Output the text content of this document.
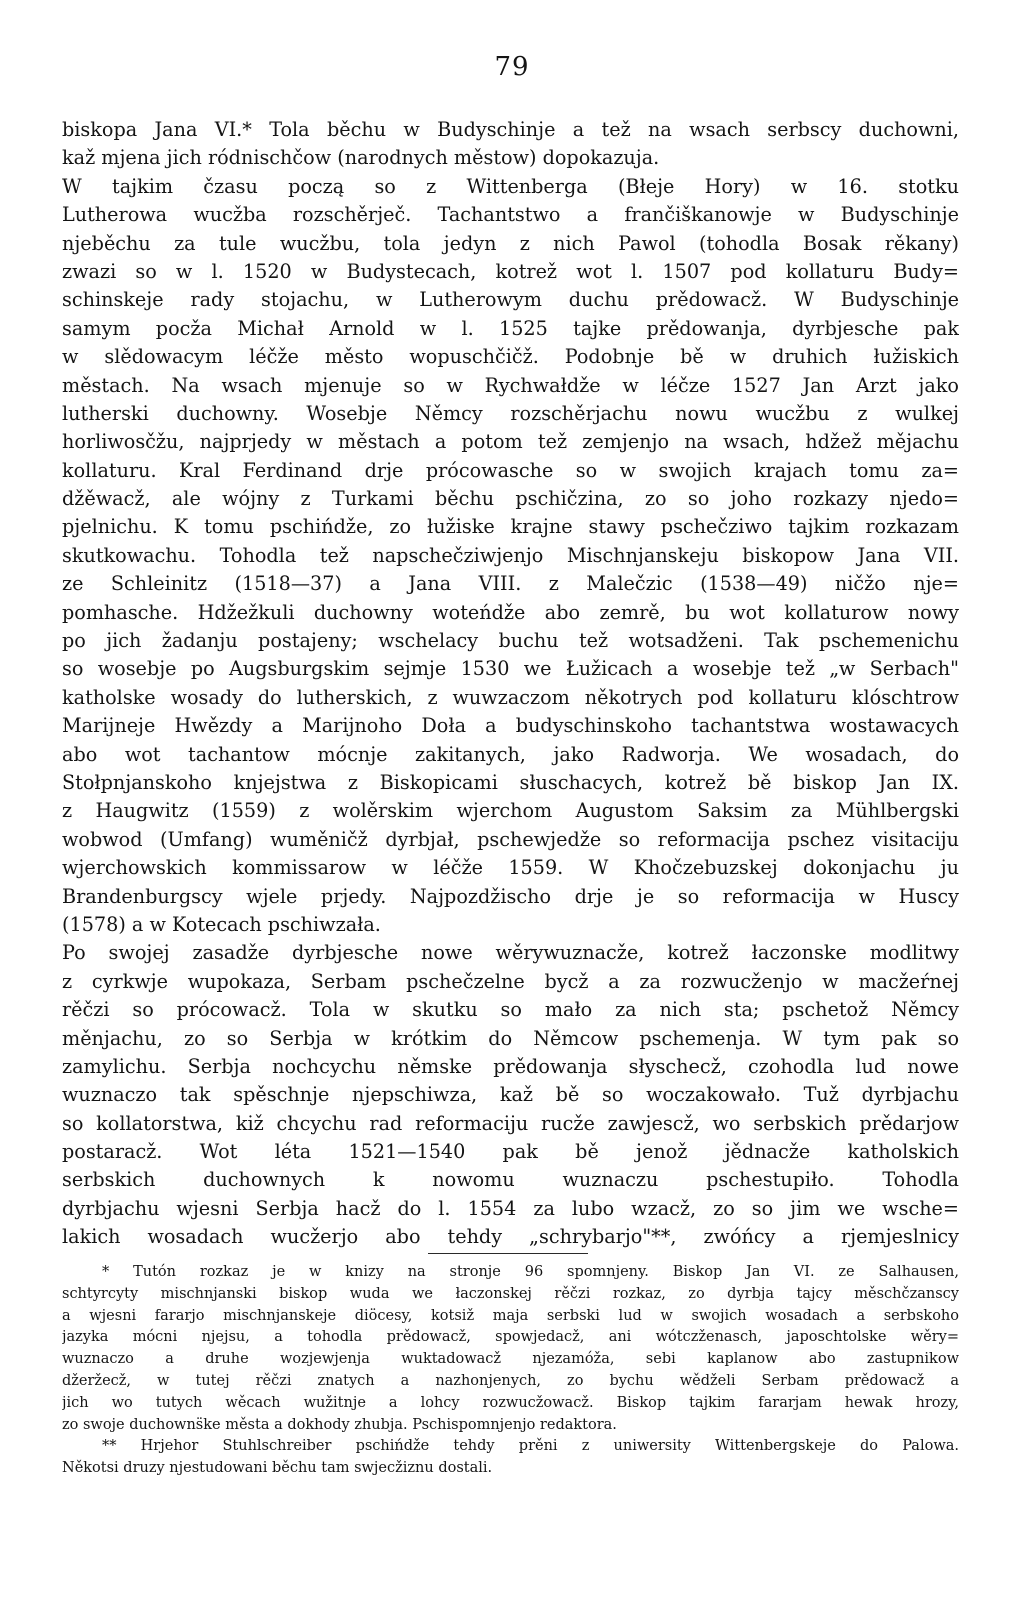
79
biskopa Jana VI.* Tola běchu w Budyschinje a tež na wsach serbscy duchowni,
kaž mjena jich ródnischčow (narodnych městow) dopokazuja.
W tajkim čzasu począ so z Wittenberga (Błeje Hory) w 16. stotku
Lutherowa wucžba rozschěrječ. Tachantstwo a frančiškanowje w Budyschinje
njeběchu za tule wucžbu, tola jedyn z nich Pawol (tohodla Bosak rěkany)
zwazi so w l. 1520 w Budystecach, kotrež wot l. 1507 pod kollaturu Budy=
schinskeje rady stojachu, w Lutherowym duchu prědowacž. W Budyschinje
samym pocža Michał Arnold w l. 1525 tajke prědowanja, dyrbjesche pak
w slědowacym léčže město wopuschčičž. Podobnje bě w druhich łužiskich
městach. Na wsach mjenuje so w Rychwałdže w léčze 1527 Jan Arzt jako
lutherski duchowny. Wosebje Němcy rozschěrjachu nowu wucžbu z wulkej
horliwosčžu, najprjedy w městach a potom tež zemjenjo na wsach, hdžež mějachu
kollaturu. Kral Ferdinand drje prócowasche so w swojich krajach tomu za=
džěwacž, ale wójny z Turkami běchu pschičzina, zo so joho rozkazy njedo=
pjelnichu. K tomu pschińdže, zo łužiske krajne stawy pschečziwo tajkim rozkazam
skutkowachu. Tohodla tež napschečziwjenjo Mischnjanskeju biskopow Jana VII.
ze Schleinitz (1518—37) a Jana VIII. z Malečzic (1538—49) ničžo nje=
pomhasche. Hdžežkuli duchowny woteńdže abo zemrě, bu wot kollaturow nowy
po jich žadanju postajeny; wschelacy buchu tež wotsadženi. Tak pschemenichu
so wosebje po Augsburgskim sejmje 1530 we Łužicach a wosebje tež „w Serbach"
katholske wosady do lutherskich, z wuwzaczom někotrych pod kollaturu klóschtrow
Marijneje Hwězdy a Marijnoho Doła a budyschinskoho tachantstwa wostawacych
abo wot tachantow mócnje zakitanych, jako Radworja. We wosadach, do
Stołpnjanskoho knjejstwa z Biskopicami słuschacych, kotrež bě biskop Jan IX.
z Haugwitz (1559) z wolěrskim wjerchom Augustom Saksim za Mühlbergski
wobwod (Umfang) wuměničž dyrbjał, pschewjedže so reformacija pschez visitaciju
wjerchowskich kommissarow w léčže 1559. W Khočzebuzskej dokonjachu ju
Brandenburgscy wjele prjedy. Najpozdžischo drje je so reformacija w Huscy
(1578) a w Kotecach pschiwzała.
Po swojej zasadže dyrbjesche nowe wěrywuznacže, kotrež łaczonske modlitwy
z cyrkwje wupokaza, Serbam pschečzelne bycž a za rozwucženjo w macžeŕnej
rěčzi so prócowacž. Tola w skutku so mało za nich sta; pschetož Němcy
měnjachu, zo so Serbja w krótkim do Němcow pschemenja. W tym pak so
zamylichu. Serbja nochcychu němske prědowanja słyschecž, czohodla lud nowe
wuznaczo tak spěschnje njepschiwza, kaž bě so woczakowało. Tuž dyrbjachu
so kollatorstwa, kiž chcychu rad reformaciju rucže zawjescž, wo serbskich prědarjow
postaracž. Wot léta 1521—1540 pak bě jenož jědnacže katholskich
serbskich duchownych k nowomu wuznaczu pschestupiło. Tohodla
dyrbjachu wjesni Serbja hacž do l. 1554 za lubo wzacž, zo so jim we wsche=
lakich wosadach wucžerjo abo tehdy „schrybarjo"**, zwóńcy a rjemjeslnicy
* Tutón rozkaz je w knizy na stronje 96 spomnjeny. Biskop Jan VI. ze Salhausen,
schtyrcyty mischnjanski biskop wuda we łaczonskej rěčzi rozkaz, zo dyrbja tajcy měschčzanscy
a wjesni fararjo mischnjanskeje diöcesy, kotsiž maja serbski lud w swojich wosadach a serbskoho
jazyka mócni njejsu, a tohodla prědowacž, spowjedacž, ani wótczženasch, japoschtolske wěry=
wuznaczo a druhe wozjewjenja wuktadowacž njezamóža, sebi kaplanow abo zastupnikow
džeržecž, w tutej rěčzi znatych a nazhonjenych, zo bychu wědželi Serbam prědowacž a
jich wo tutych wěcach wužitnje a lohcy rozwucžowacž. Biskop tajkim fararjam hewak hrozy,
zo swoje duchowns̈ke města a dokhody zhubja. Pschispomnjenjo redaktora.
** Hrjehor Stuhlschreiber pschińdže tehdy prěni z uniwersity Wittenbergskeje do Palowa.
Někotsi druzy njestudowani běchu tam swjecžiznu dostali.
